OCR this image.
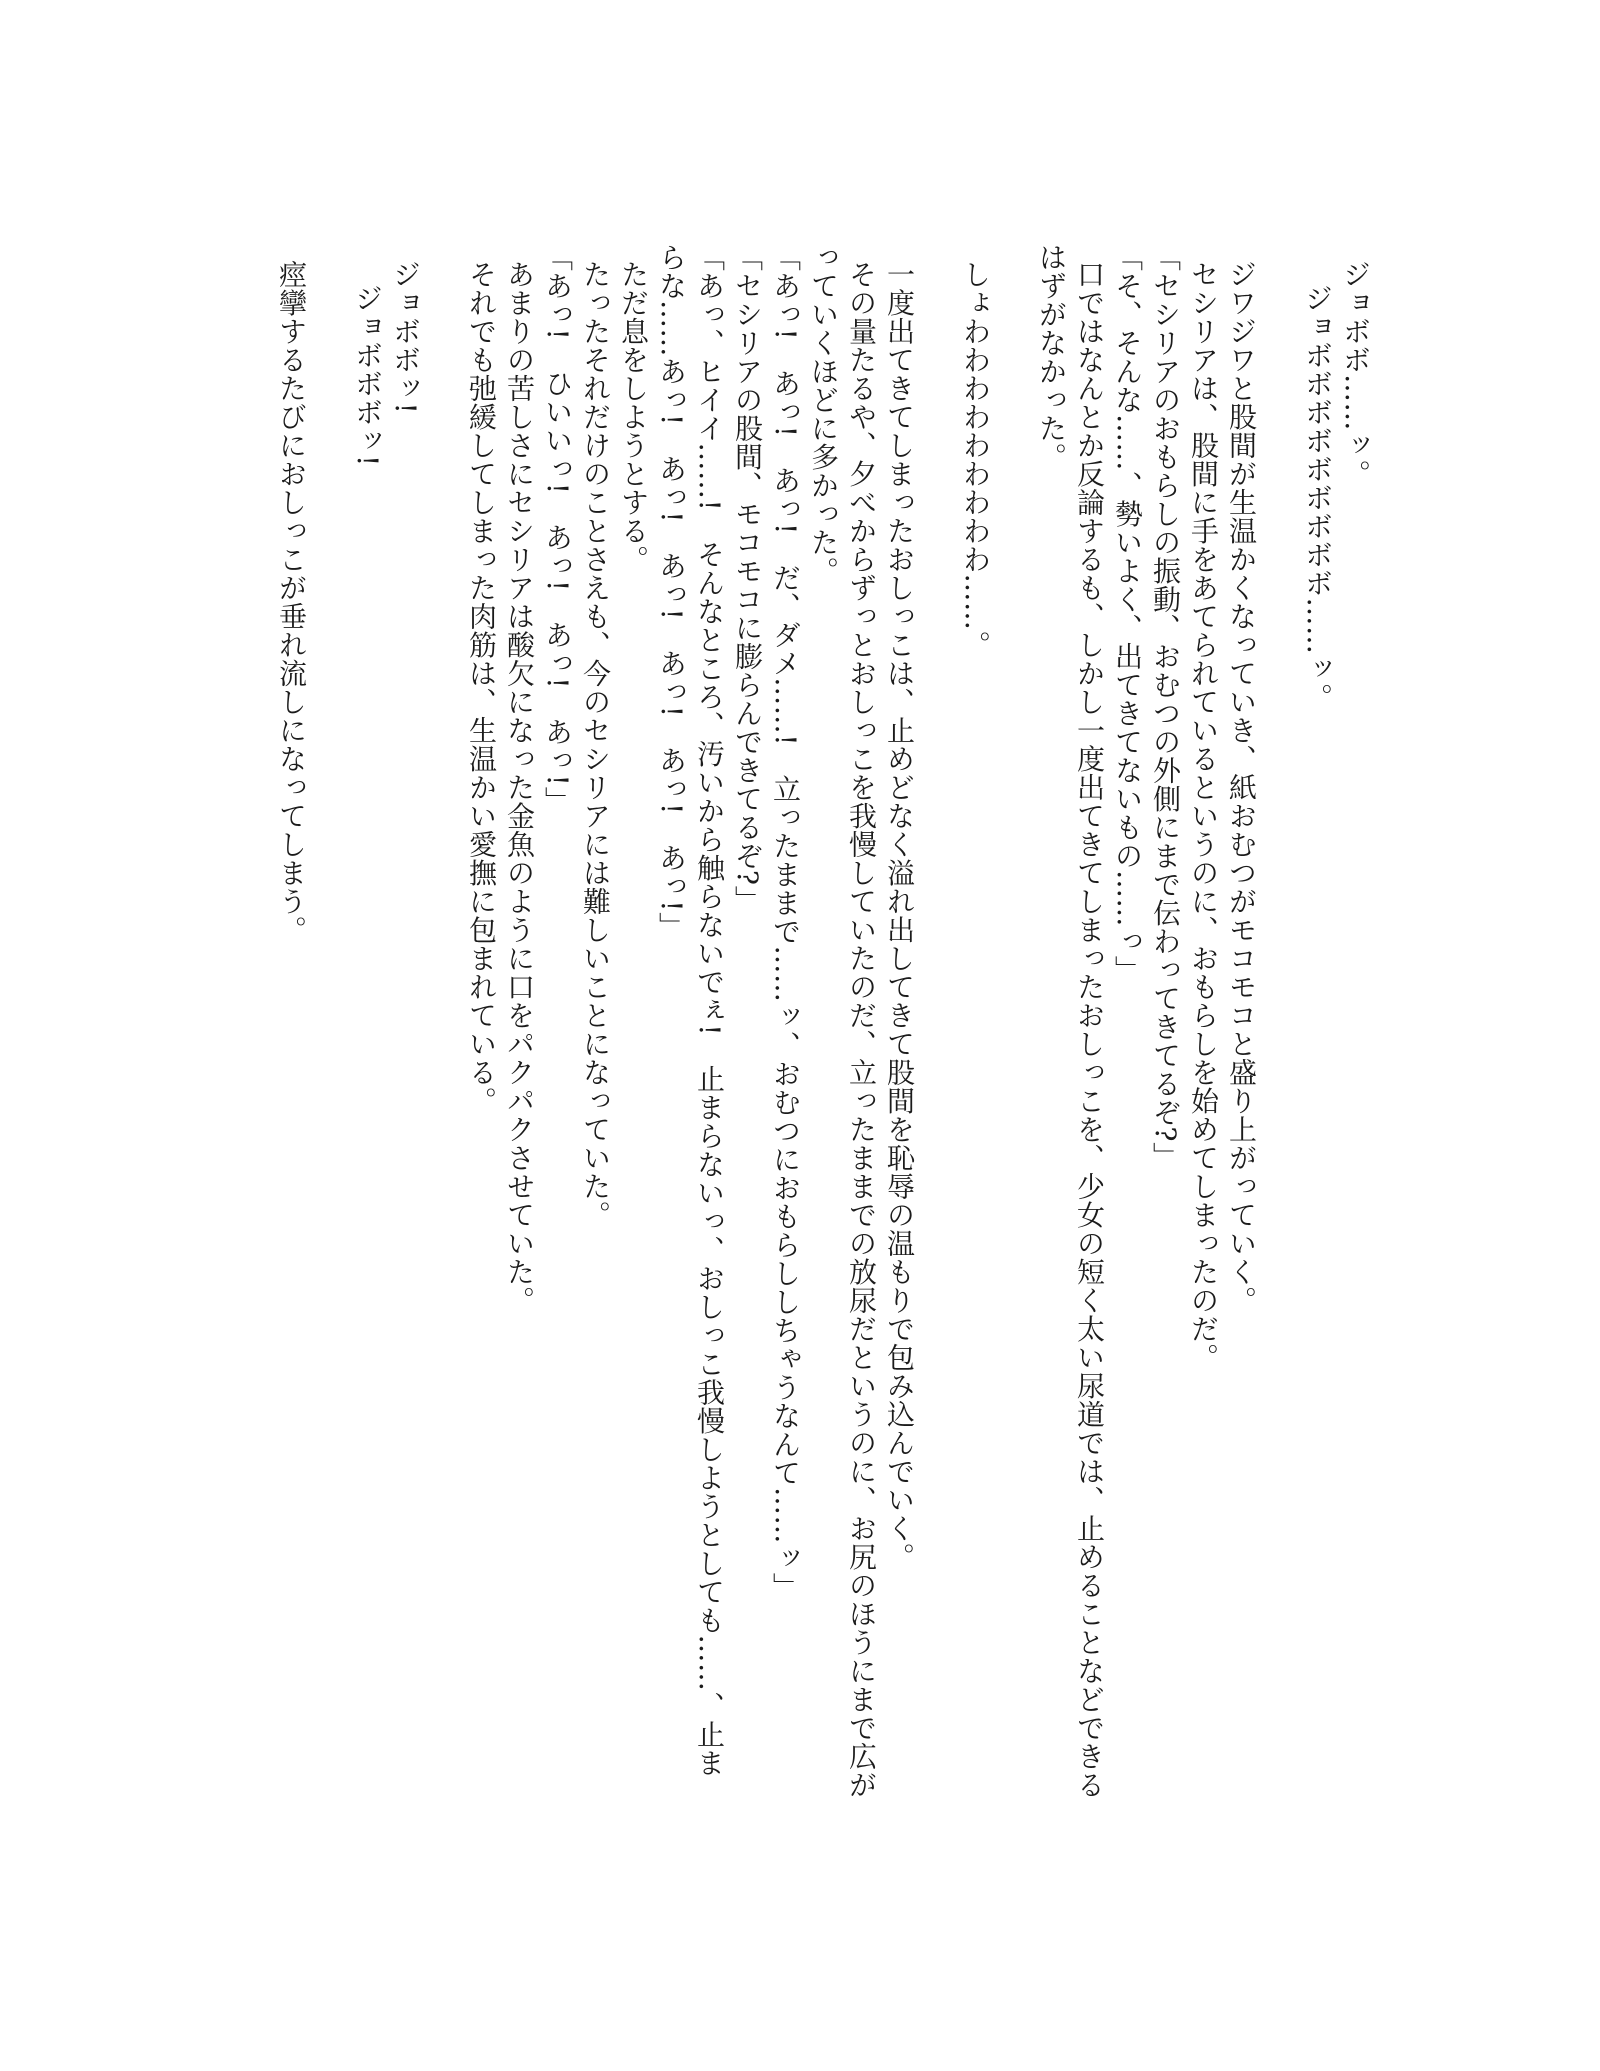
ジョボボ……ッ。

ジョボボボボボボボボボ……ッ。

ジワジワと股間が生温かくなっていき、紙おむつがモコモコと盛り上がっていく。

セシリアは、股間に手をあてられているというのに、おもらしを始めてしまったのだ。

「セシリアのおもらしの振動、おむつの外側にまで伝わってきてるぞ?」

「そ、そんな……、勢いよく、出てきてないもの……っ」

口ではなんとか反論するも、しかし一度出てきてしまったおしっこを、少女の短く太い尿道では、止めることなどできる

はずがなかった。

しょわわわわわわわわわ……。

一度出てきてしまったおしっこは、止めどなく溢れ出してきて股間を恥辱の温もりで包み込んでいく。

その量たるや、夕べからずっとおしっこを我慢していたのだ、立ったままでの放尿だというのに、お尻のほうにまで広が

っていくほどに多かった。

「あっ!　あっ!　あっ!　だ、ダメ……!　立ったままで……ッ、おむつにおもらししちゃうなんて……ッ」

「セシリアの股間、モコモコに膨らんできてるぞ?」

「あっ、ヒイイ……!　そんなところ、汚いから触らないでぇ!　止まらないっ、おしっこ我慢しようとしても……、止ま

らな……あっ!　あっ!　あっ!　あっ!　あっ!　あっ!」

ただ息をしようとする。

たったそれだけのことさえも、今のセシリアには難しいことになっていた。

「あっ!　ひいいっ!　あっ!　あっ!　あっ!」

あまりの苦しさにセシリアは酸欠になった金魚のように口をパクパクさせていた。

それでも弛緩してしまった肉筋は、生温かい愛撫に包まれている。

ジョボボッ!

ジョボボボッ!

痙攣するたびにおしっこが垂れ流しになってしまう。
